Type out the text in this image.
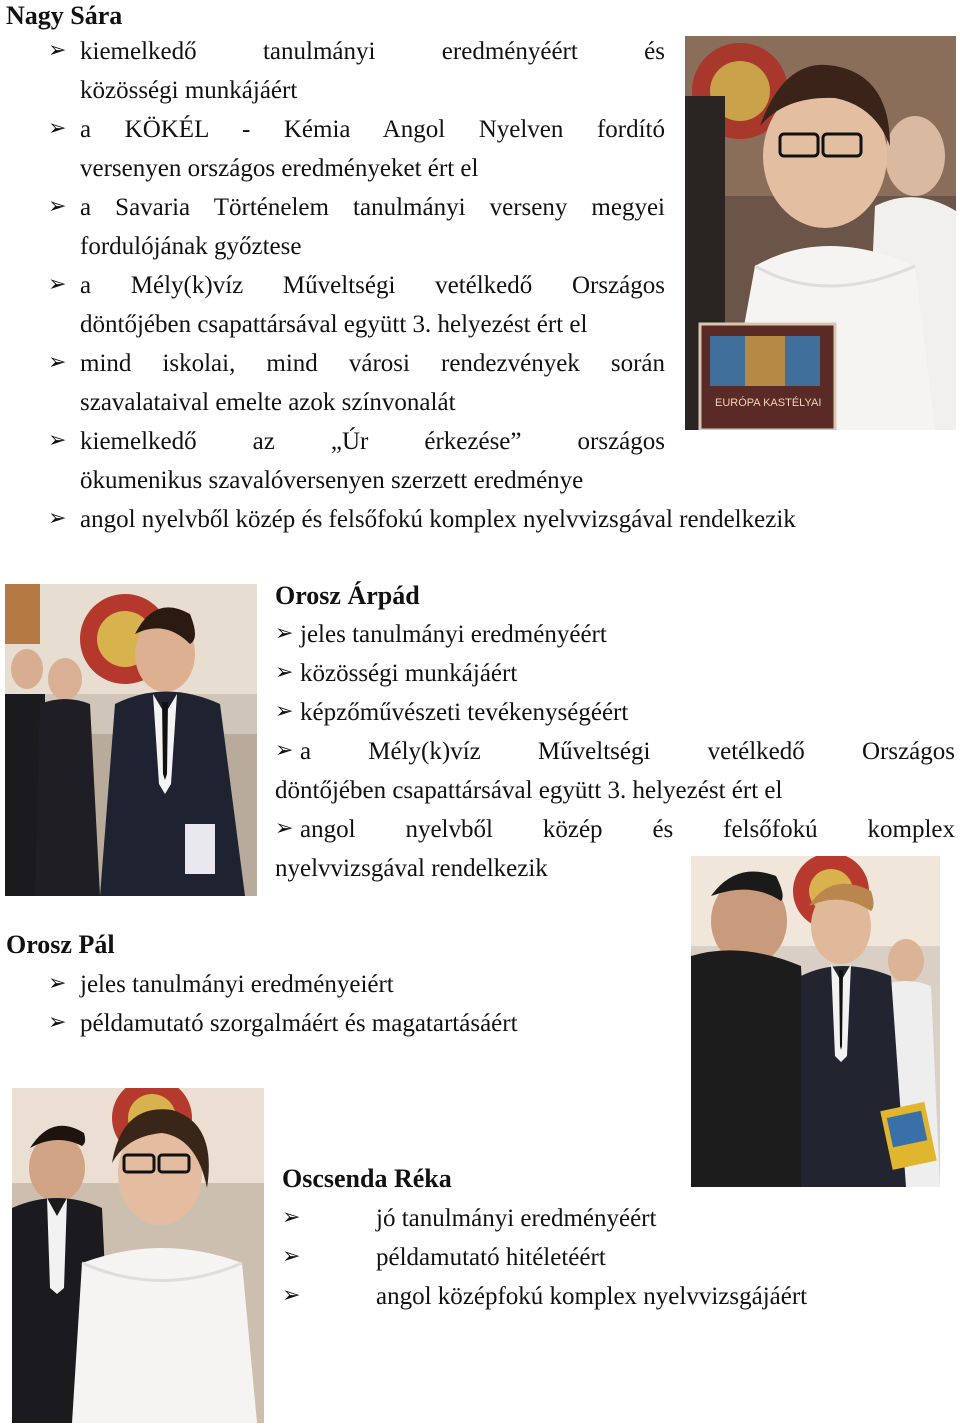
Nagy Sára
➢ kiemelkedő tanulmányi eredményéért és
közösségi munkájáért
➢ a KÖKÉL - Kémia Angol Nyelven fordító
versenyen országos eredményeket ért el
➢ a Savaria Történelem tanulmányi verseny megyei
fordulójának győztese
➢ a Mély(k)víz Műveltségi vetélkedő Országos
döntőjében csapattársával együtt 3. helyezést ért el
➢ mind iskolai, mind városi rendezvények során
szavalataival emelte azok színvonalát
➢ kiemelkedő az „Úr érkezése” országos
ökumenikus szavalóversenyen szerzett eredménye
➢ angol nyelvből közép és felsőfokú komplex nyelvvizsgával rendelkezik
EURÓPA KASTÉLYAI
Orosz Árpád
➢ jeles tanulmányi eredményéért
➢ közösségi munkájáért
➢ képzőművészeti tevékenységéért
➢ a Mély(k)víz Műveltségi vetélkedő Országos
döntőjében csapattársával együtt 3. helyezést ért el
➢ angol nyelvből közép és felsőfokú komplex
nyelvvizsgával rendelkezik
Orosz Pál
➢ jeles tanulmányi eredményeiért
➢ példamutató szorgalmáért és magatartásáért
Oscsenda Réka
➢	jó tanulmányi eredményéért
➢	példamutató hitéletéért
➢	angol középfokú komplex nyelvvizsgájáért
